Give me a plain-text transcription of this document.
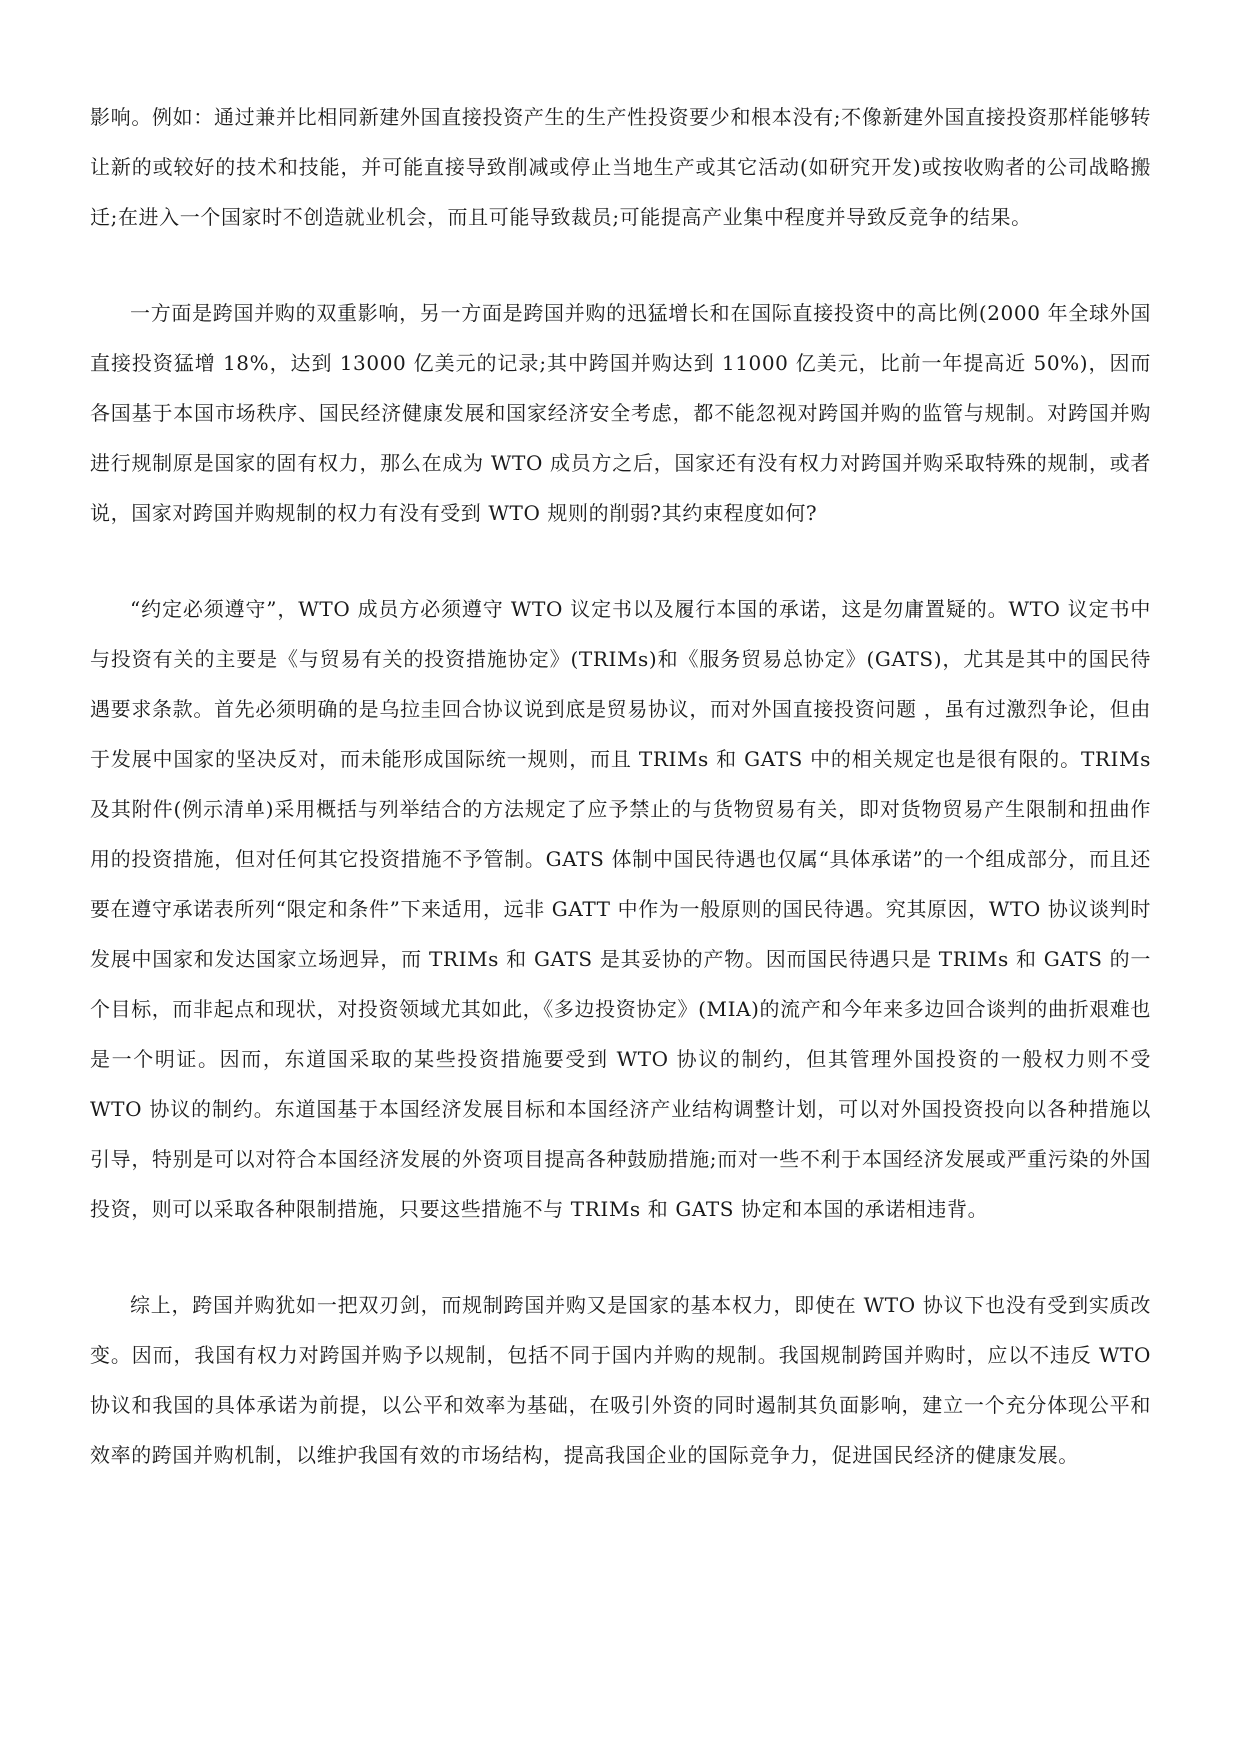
影响。例如：通过兼并比相同新建外国直接投资产生的生产性投资要少和根本没有;不像新建外国直接投资那样能够转让新的或较好的技术和技能，并可能直接导致削减或停止当地生产或其它活动(如研究开发)或按收购者的公司战略搬迁;在进入一个国家时不创造就业机会，而且可能导致裁员;可能提高产业集中程度并导致反竞争的结果。

一方面是跨国并购的双重影响，另一方面是跨国并购的迅猛增长和在国际直接投资中的高比例(2000 年全球外国直接投资猛增 18%，达到 13000 亿美元的记录;其中跨国并购达到 11000 亿美元，比前一年提高近 50%)，因而各国基于本国市场秩序、国民经济健康发展和国家经济安全考虑，都不能忽视对跨国并购的监管与规制。对跨国并购进行规制原是国家的固有权力，那么在成为 WTO 成员方之后，国家还有没有权力对跨国并购采取特殊的规制，或者说，国家对跨国并购规制的权力有没有受到 WTO 规则的削弱?其约束程度如何?

“约定必须遵守”，WTO 成员方必须遵守 WTO 议定书以及履行本国的承诺，这是勿庸置疑的。WTO 议定书中与投资有关的主要是《与贸易有关的投资措施协定》(TRIMs)和《服务贸易总协定》(GATS)，尤其是其中的国民待遇要求条款。首先必须明确的是乌拉圭回合协议说到底是贸易协议，而对外国直接投资问题 ，虽有过激烈争论，但由于发展中国家的坚决反对，而未能形成国际统一规则，而且 TRIMs 和 GATS 中的相关规定也是很有限的。TRIMs 及其附件(例示清单)采用概括与列举结合的方法规定了应予禁止的与货物贸易有关，即对货物贸易产生限制和扭曲作用的投资措施，但对任何其它投资措施不予管制。GATS 体制中国民待遇也仅属“具体承诺”的一个组成部分，而且还要在遵守承诺表所列“限定和条件”下来适用，远非 GATT 中作为一般原则的国民待遇。究其原因，WTO 协议谈判时发展中国家和发达国家立场迥异，而 TRIMs 和 GATS 是其妥协的产物。因而国民待遇只是 TRIMs 和 GATS 的一个目标，而非起点和现状，对投资领域尤其如此，《多边投资协定》(MIA)的流产和今年来多边回合谈判的曲折艰难也是一个明证。因而，东道国采取的某些投资措施要受到 WTO 协议的制约，但其管理外国投资的一般权力则不受 WTO 协议的制约。东道国基于本国经济发展目标和本国经济产业结构调整计划，可以对外国投资投向以各种措施以引导，特别是可以对符合本国经济发展的外资项目提高各种鼓励措施;而对一些不利于本国经济发展或严重污染的外国投资，则可以采取各种限制措施，只要这些措施不与 TRIMs 和 GATS 协定和本国的承诺相违背。

综上，跨国并购犹如一把双刃剑，而规制跨国并购又是国家的基本权力，即使在 WTO 协议下也没有受到实质改变。因而，我国有权力对跨国并购予以规制，包括不同于国内并购的规制。我国规制跨国并购时，应以不违反 WTO 协议和我国的具体承诺为前提，以公平和效率为基础，在吸引外资的同时遏制其负面影响，建立一个充分体现公平和效率的跨国并购机制，以维护我国有效的市场结构，提高我国企业的国际竞争力，促进国民经济的健康发展。
